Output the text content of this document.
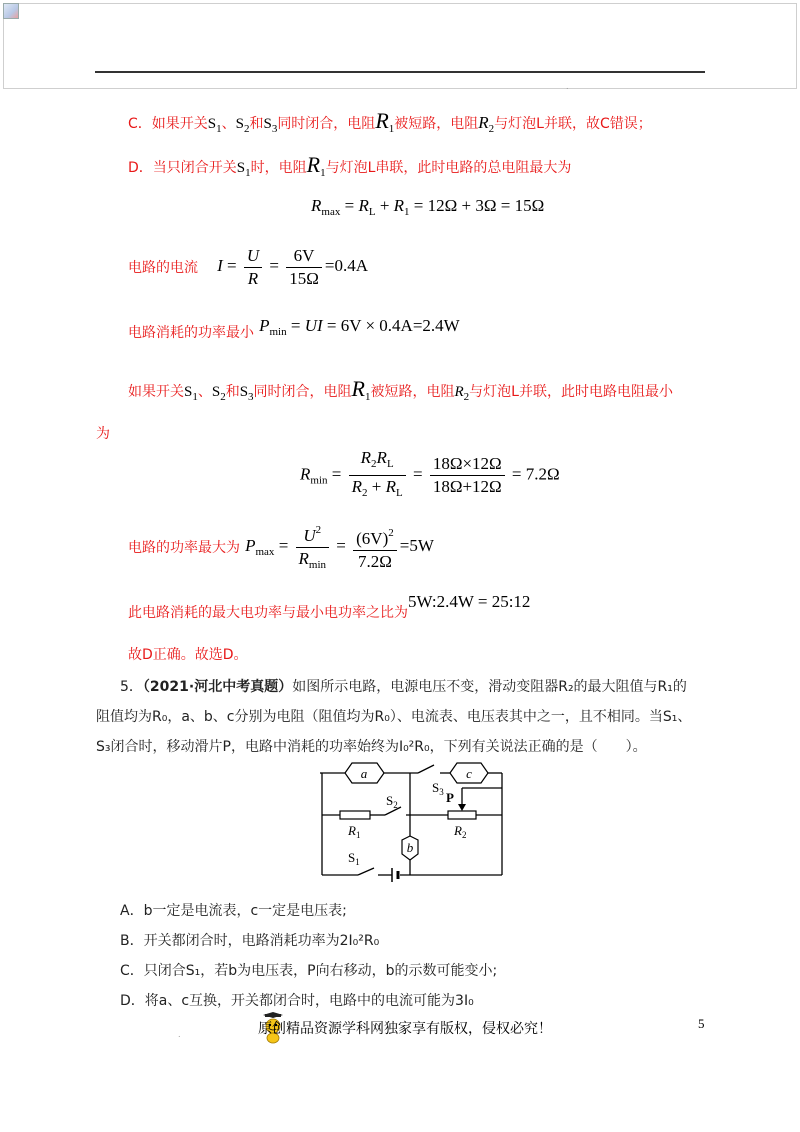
.
C．如果开关$S_1$、$S_2$和$S_3$同时闭合，电阻$R_1$被短路，电阻$R_2$与灯泡L并联，故C错误；
D．当只闭合开关$S_1$时，电阻$R_1$与灯泡L串联，此时电路的总电阻最大为
$R_{max} = R_L + R_1 = 12\Omega + 3\Omega = 15\Omega$
电路的电流 $I = \frac{U}{R} = \frac{6V}{15\Omega} =0.4A$
电路消耗的功率最小 $P_{min}$ = UI = 6V × 0.4A=2.4W
如果开关$S_1$、$S_2$和$S_3$同时闭合，电阻$R_1$被短路，电阻$R_2$与灯泡L并联，此时电路电阻最小
为
$R_{min} = \frac{R_2R_L}{R_2 + R_L} = \frac{18\Omega\times 12\Omega}{18\Omega+12\Omega} = 7.2\Omega$
电路的功率最大为 $P_{max} = \frac{U^2}{R_{min}} = \frac{(6V)^2}{7.2\Omega} =5W$
此电路消耗的最大电功率与最小电功率之比为
5W:2.4W = 25:12
故D正确。故选D。
5．（2021·河北中考真题）如图所示电路，电源电压不变，滑动变阻器R₂的最大阻值与R₁的
阻值均为R₀，a、b、c分别为电阻（阻值均为R₀）、电流表、电压表其中之一，且不相同。当S₁、
S₃闭合时，移动滑片P，电路中消耗的功率始终为I₀²R₀，下列有关说法正确的是（　　）。
a	c
b
$S_3$
$S_2$
$S_1$
P
$R_1$	$R_2$
A．b一定是电流表，c一定是电压表;
B．开关都闭合时，电路消耗功率为2I₀²R₀
C．只闭合S₁，若b为电压表，P向右移动，b的示数可能变小;
D．将a、c互换，开关都闭合时，电路中的电流可能为3I₀
.	原创精品资源学科网独家享有版权，侵权必究！	5
